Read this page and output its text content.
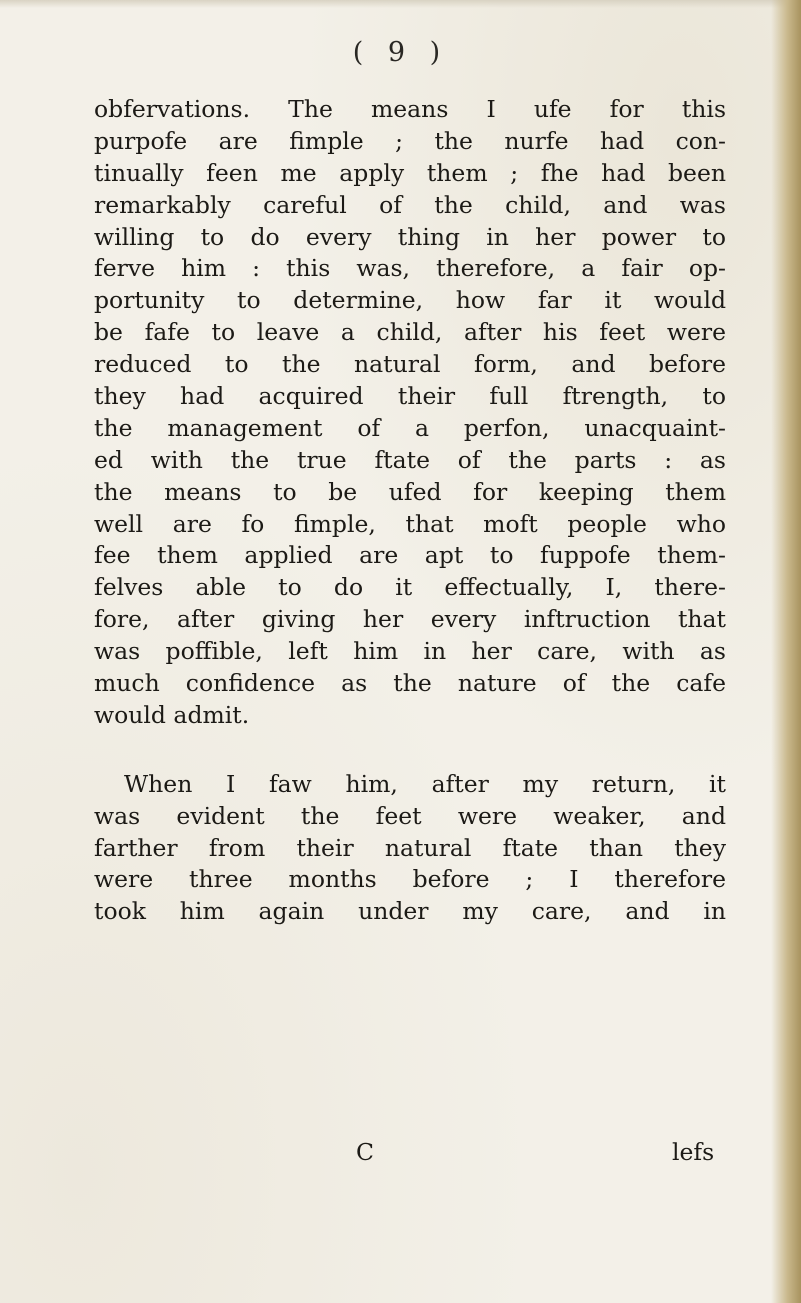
( 9 )
obfervations. The means I ufe for this
purpofe are fimple ; the nurfe had con-
tinually feen me apply them ; fhe had been
remarkably careful of the child, and was
willing to do every thing in her power to
ferve him : this was, therefore, a fair op-
portunity to determine, how far it would
be fafe to leave a child, after his feet were
reduced to the natural form, and before
they had acquired their full ftrength, to
the management of a perfon, unacquaint-
ed with the true ftate of the parts : as
the means to be ufed for keeping them
well are fo fimple, that moft people who
fee them applied are apt to fuppofe them-
felves able to do it effectually, I, there-
fore, after giving her every inftruction that
was poffible, left him in her care, with as
much confidence as the nature of the cafe
would admit.
When I faw him, after my return, it
was evident the feet were weaker, and
farther from their natural ftate than they
were three months before ; I therefore
took him again under my care, and in
C	lefs
